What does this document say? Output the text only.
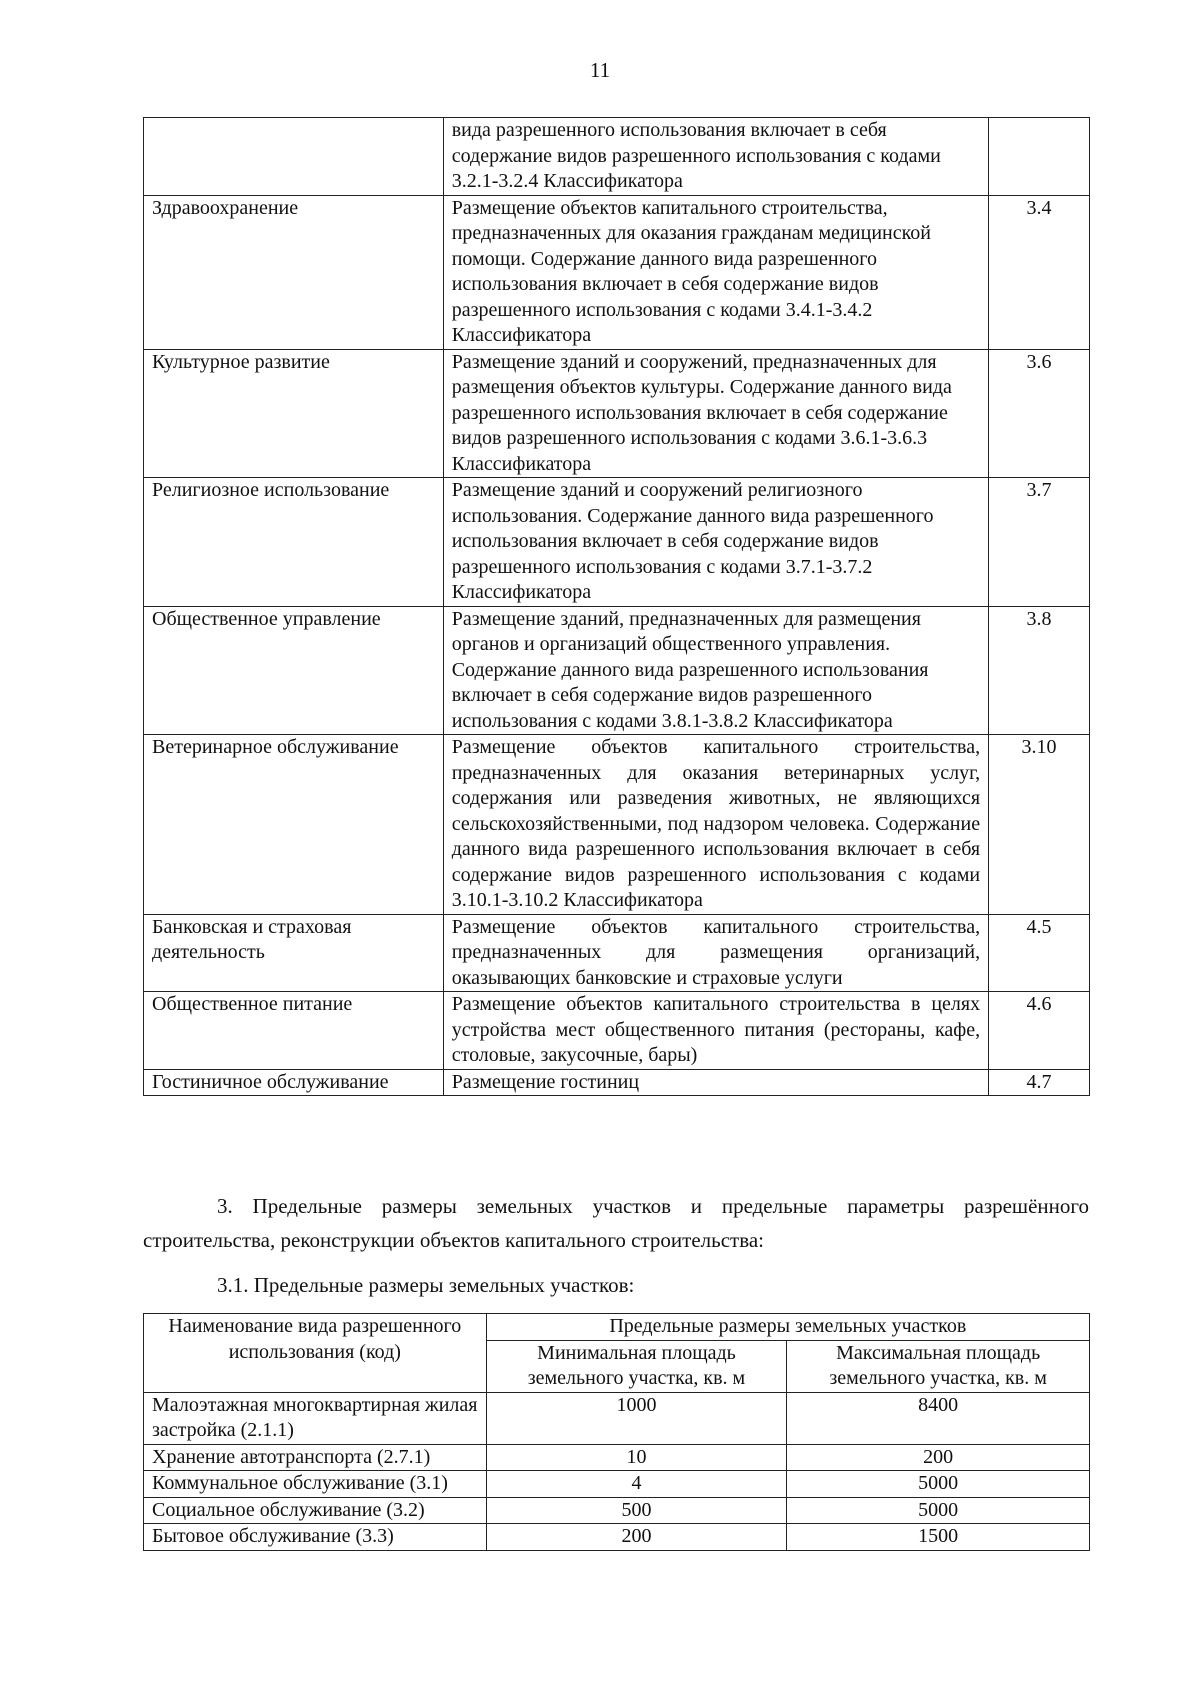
11
	вида разрешенного использования включает в себя содержание видов разрешенного использования с кодами 3.2.1-3.2.4 Классификатора	
Здравоохранение	Размещение объектов капитального строительства, предназначенных для оказания гражданам медицинской помощи. Содержание данного вида разрешенного использования включает в себя содержание видов разрешенного использования с кодами 3.4.1-3.4.2 Классификатора	3.4
Культурное развитие	Размещение зданий и сооружений, предназначенных для размещения объектов культуры. Содержание данного вида разрешенного использования включает в себя содержание видов разрешенного использования с кодами 3.6.1-3.6.3 Классификатора	3.6
Религиозное использование	Размещение зданий и сооружений религиозного использования. Содержание данного вида разрешенного использования включает в себя содержание видов разрешенного использования с кодами 3.7.1-3.7.2 Классификатора	3.7
Общественное управление	Размещение зданий, предназначенных для размещения органов и организаций общественного управления. Содержание данного вида разрешенного использования включает в себя содержание видов разрешенного использования с кодами 3.8.1-3.8.2 Классификатора	3.8
Ветеринарное обслуживание	Размещение объектов капитального строительства, предназначенных для оказания ветеринарных услуг, содержания или разведения животных, не являющихся сельскохозяйственными, под надзором человека. Содержание данного вида разрешенного использования включает в себя содержание видов разрешенного использования с кодами 3.10.1-3.10.2 Классификатора	3.10
Банковская и страховая деятельность	Размещение объектов капитального строительства, предназначенных для размещения организаций, оказывающих банковские и страховые услуги	4.5
Общественное питание	Размещение объектов капитального строительства в целях устройства мест общественного питания (рестораны, кафе, столовые, закусочные, бары)	4.6
Гостиничное обслуживание	Размещение гостиниц	4.7

3. Предельные размеры земельных участков и предельные параметры разрешённого строительства, реконструкции объектов капитального строительства:

3.1. Предельные размеры земельных участков:

Наименование вида разрешенного использования (код)	Предельные размеры земельных участков	
	Минимальная площадь земельного участка, кв. м	Максимальная площадь земельного участка, кв. м
Малоэтажная многоквартирная жилая застройка (2.1.1)	1000	8400
Хранение автотранспорта (2.7.1)	10	200
Коммунальное обслуживание (3.1)	4	5000
Социальное обслуживание (3.2)	500	5000
Бытовое обслуживание (3.3)	200	1500
